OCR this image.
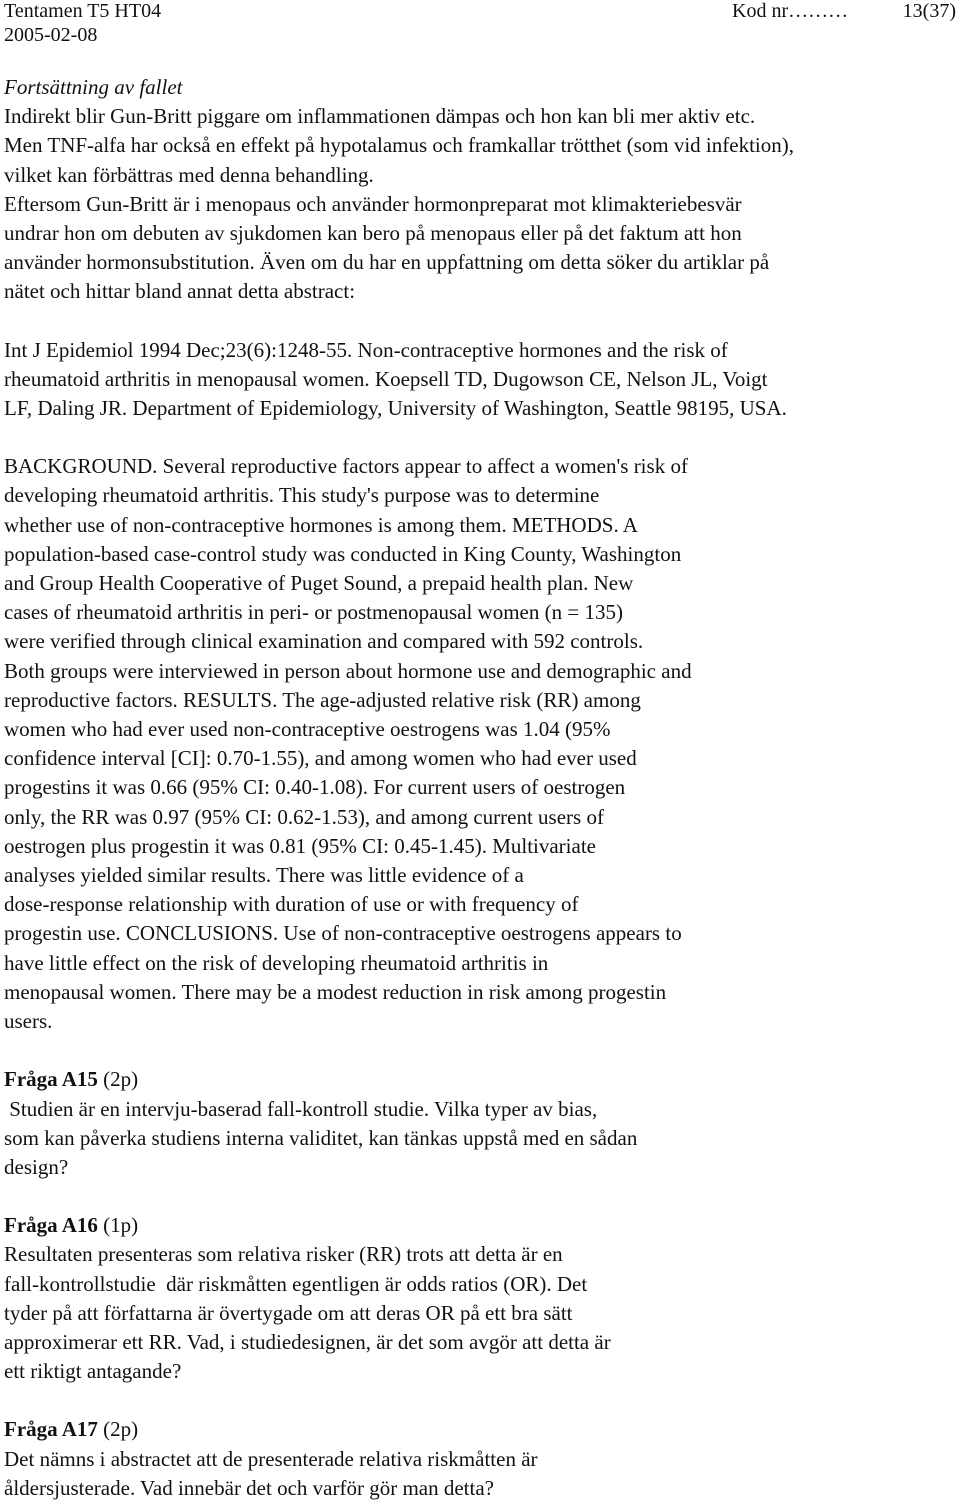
Tentamen T5 HT04	Kod nr………	13(37)
2005-02-08
Fortsättning av fallet
Indirekt blir Gun-Britt piggare om inflammationen dämpas och hon kan bli mer aktiv etc.
Men TNF-alfa har också en effekt på hypotalamus och framkallar trötthet (som vid infektion),
vilket kan förbättras med denna behandling.
Eftersom Gun-Britt är i menopaus och använder hormonpreparat mot klimakteriebesvär
undrar hon om debuten av sjukdomen kan bero på menopaus eller på det faktum att hon
använder hormonsubstitution. Även om du har en uppfattning om detta söker du artiklar på
nätet och hittar bland annat detta abstract:
Int J Epidemiol 1994 Dec;23(6):1248-55. Non-contraceptive hormones and the risk of
rheumatoid arthritis in menopausal women. Koepsell TD, Dugowson CE, Nelson JL, Voigt
LF, Daling JR. Department of Epidemiology, University of Washington, Seattle 98195, USA.
BACKGROUND. Several reproductive factors appear to affect a women's risk of
developing rheumatoid arthritis. This study's purpose was to determine
whether use of non-contraceptive hormones is among them. METHODS. A
population-based case-control study was conducted in King County, Washington
and Group Health Cooperative of Puget Sound, a prepaid health plan. New
cases of rheumatoid arthritis in peri- or postmenopausal women (n = 135)
were verified through clinical examination and compared with 592 controls.
Both groups were interviewed in person about hormone use and demographic and
reproductive factors. RESULTS. The age-adjusted relative risk (RR) among
women who had ever used non-contraceptive oestrogens was 1.04 (95%
confidence interval [CI]: 0.70-1.55), and among women who had ever used
progestins it was 0.66 (95% CI: 0.40-1.08). For current users of oestrogen
only, the RR was 0.97 (95% CI: 0.62-1.53), and among current users of
oestrogen plus progestin it was 0.81 (95% CI: 0.45-1.45). Multivariate
analyses yielded similar results. There was little evidence of a
dose-response relationship with duration of use or with frequency of
progestin use. CONCLUSIONS. Use of non-contraceptive oestrogens appears to
have little effect on the risk of developing rheumatoid arthritis in
menopausal women. There may be a modest reduction in risk among progestin
users.
Fråga A15 (2p)
Studien är en intervju-baserad fall-kontroll studie. Vilka typer av bias,
som kan påverka studiens interna validitet, kan tänkas uppstå med en sådan
design?
Fråga A16 (1p)
Resultaten presenteras som relativa risker (RR) trots att detta är en
fall-kontrollstudie  där riskmåtten egentligen är odds ratios (OR). Det
tyder på att författarna är övertygade om att deras OR på ett bra sätt
approximerar ett RR. Vad, i studiedesignen, är det som avgör att detta är
ett riktigt antagande?
Fråga A17 (2p)
Det nämns i abstractet att de presenterade relativa riskmåtten är
åldersjusterade. Vad innebär det och varför gör man detta?
